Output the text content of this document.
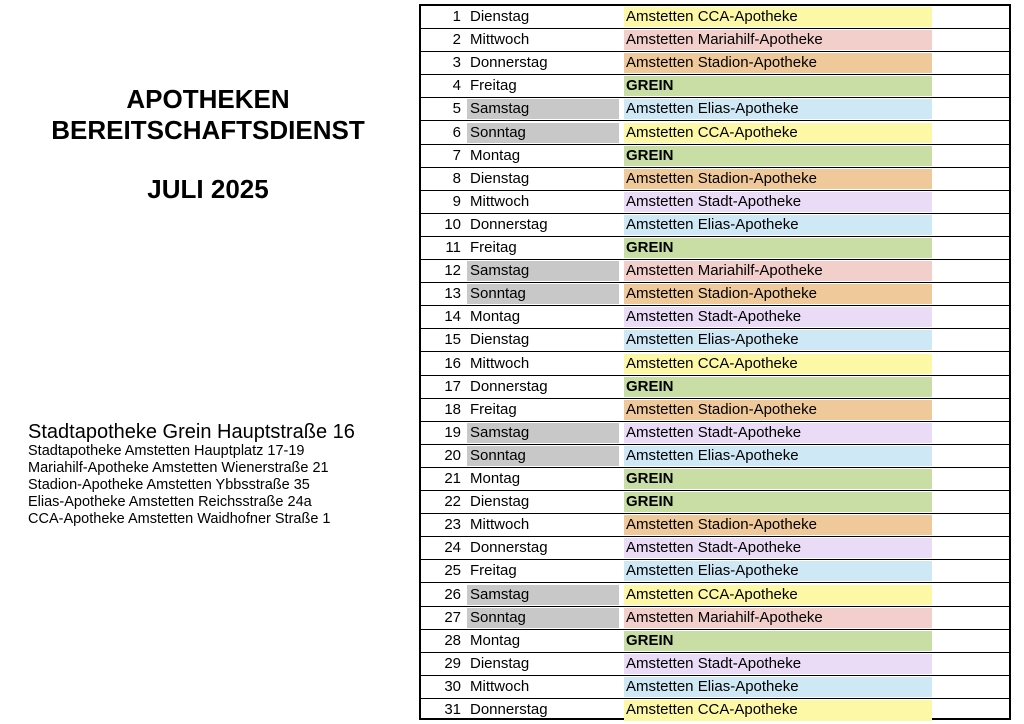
APOTHEKEN
BEREITSCHAFTSDIENST
JULI 2025
Stadtapotheke Grein Hauptstraße 16
Stadtapotheke Amstetten Hauptplatz 17-19
Mariahilf-Apotheke Amstetten Wienerstraße 21
Stadion-Apotheke Amstetten Ybbsstraße 35
Elias-Apotheke Amstetten Reichsstraße 24a
CCA-Apotheke Amstetten Waidhofner Straße 1
1 Dienstag	Amstetten CCA-Apotheke
2 Mittwoch	Amstetten Mariahilf-Apotheke
3 Donnerstag	Amstetten Stadion-Apotheke
4 Freitag	GREIN
5 Samstag	Amstetten Elias-Apotheke
6 Sonntag	Amstetten CCA-Apotheke
7 Montag	GREIN
8 Dienstag	Amstetten Stadion-Apotheke
9 Mittwoch	Amstetten Stadt-Apotheke
10 Donnerstag	Amstetten Elias-Apotheke
11 Freitag	GREIN
12 Samstag	Amstetten Mariahilf-Apotheke
13 Sonntag	Amstetten Stadion-Apotheke
14 Montag	Amstetten Stadt-Apotheke
15 Dienstag	Amstetten Elias-Apotheke
16 Mittwoch	Amstetten CCA-Apotheke
17 Donnerstag	GREIN
18 Freitag	Amstetten Stadion-Apotheke
19 Samstag	Amstetten Stadt-Apotheke
20 Sonntag	Amstetten Elias-Apotheke
21 Montag	GREIN
22 Dienstag	GREIN
23 Mittwoch	Amstetten Stadion-Apotheke
24 Donnerstag	Amstetten Stadt-Apotheke
25 Freitag	Amstetten Elias-Apotheke
26 Samstag	Amstetten CCA-Apotheke
27 Sonntag	Amstetten Mariahilf-Apotheke
28 Montag	GREIN
29 Dienstag	Amstetten Stadt-Apotheke
30 Mittwoch	Amstetten Elias-Apotheke
31 Donnerstag	Amstetten CCA-Apotheke
